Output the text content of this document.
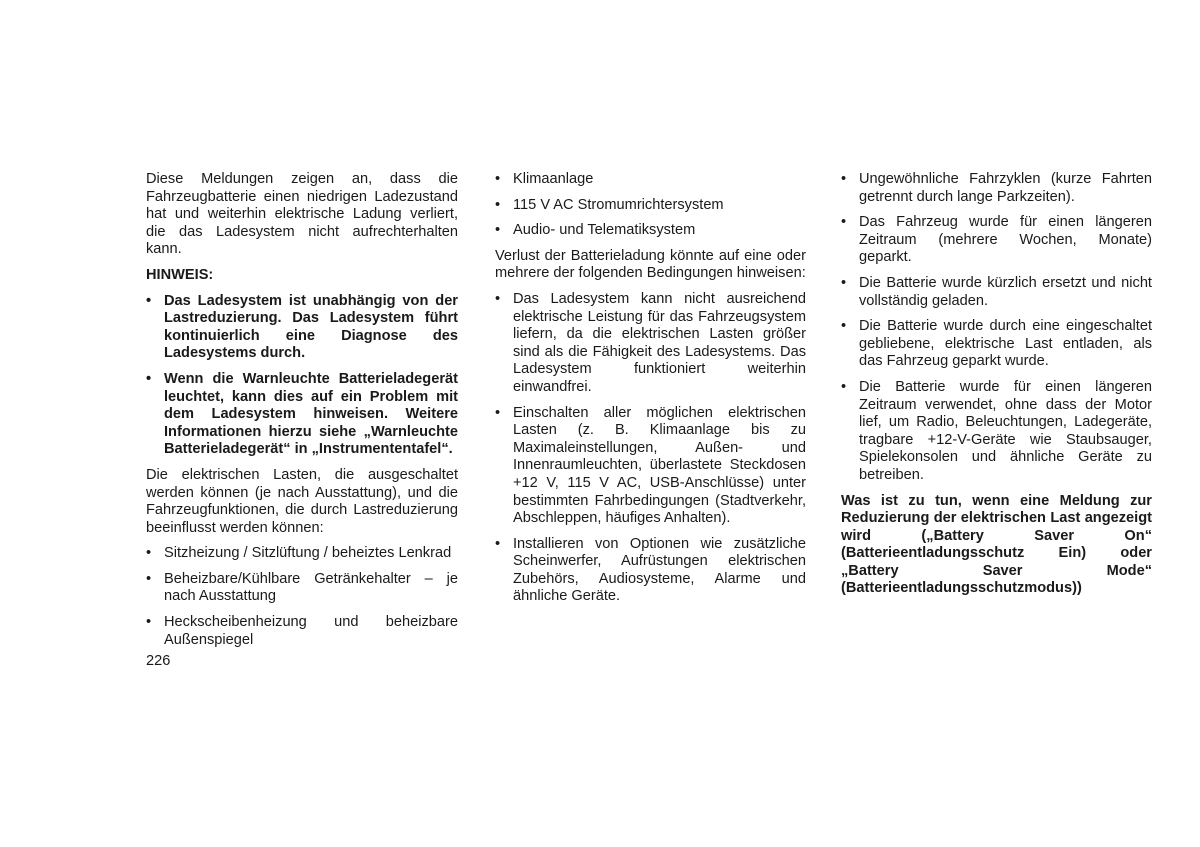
Diese Meldungen zeigen an, dass die Fahrzeugbatterie einen niedrigen Ladezustand hat und weiterhin elektrische Ladung verliert, die das Ladesystem nicht aufrechterhalten kann.

HINWEIS:

• Das Ladesystem ist unabhängig von der Lastreduzierung. Das Ladesystem führt kontinuierlich eine Diagnose des Ladesystems durch.
• Wenn die Warnleuchte Batterieladegerät leuchtet, kann dies auf ein Problem mit dem Ladesystem hinweisen. Weitere Informationen hierzu siehe „Warnleuchte Batterieladegerät“ in „Instrumententafel“.

Die elektrischen Lasten, die ausgeschaltet werden können (je nach Ausstattung), und die Fahrzeugfunktionen, die durch Lastreduzierung beeinflusst werden können:

• Sitzheizung / Sitzlüftung / beheiztes Lenkrad
• Beheizbare/Kühlbare Getränkehalter – je nach Ausstattung
• Heckscheibenheizung und beheizbare Außenspiegel
• Klimaanlage
• 115 V AC Stromumrichtersystem
• Audio- und Telematiksystem

Verlust der Batterieladung könnte auf eine oder mehrere der folgenden Bedingungen hinweisen:

• Das Ladesystem kann nicht ausreichend elektrische Leistung für das Fahrzeugsystem liefern, da die elektrischen Lasten größer sind als die Fähigkeit des Ladesystems. Das Ladesystem funktioniert weiterhin einwandfrei.
• Einschalten aller möglichen elektrischen Lasten (z. B. Klimaanlage bis zu Maximaleinstellungen, Außen- und Innenraumleuchten, überlastete Steckdosen +12 V, 115 V AC, USB-Anschlüsse) unter bestimmten Fahrbedingungen (Stadtverkehr, Abschleppen, häufiges Anhalten).
• Installieren von Optionen wie zusätzliche Scheinwerfer, Aufrüstungen elektrischen Zubehörs, Audiosysteme, Alarme und ähnliche Geräte.
• Ungewöhnliche Fahrzyklen (kurze Fahrten getrennt durch lange Parkzeiten).
• Das Fahrzeug wurde für einen längeren Zeitraum (mehrere Wochen, Monate) geparkt.
• Die Batterie wurde kürzlich ersetzt und nicht vollständig geladen.
• Die Batterie wurde durch eine eingeschaltet gebliebene, elektrische Last entladen, als das Fahrzeug geparkt wurde.
• Die Batterie wurde für einen längeren Zeitraum verwendet, ohne dass der Motor lief, um Radio, Beleuchtungen, Ladegeräte, tragbare +12-V-Geräte wie Staubsauger, Spielekonsolen und ähnliche Geräte zu betreiben.

Was ist zu tun, wenn eine Meldung zur Reduzierung der elektrischen Last angezeigt wird („Battery Saver On“ (Batterieentladungsschutz Ein) oder „Battery Saver Mode“ (Batterieentladungsschutzmodus))

226
